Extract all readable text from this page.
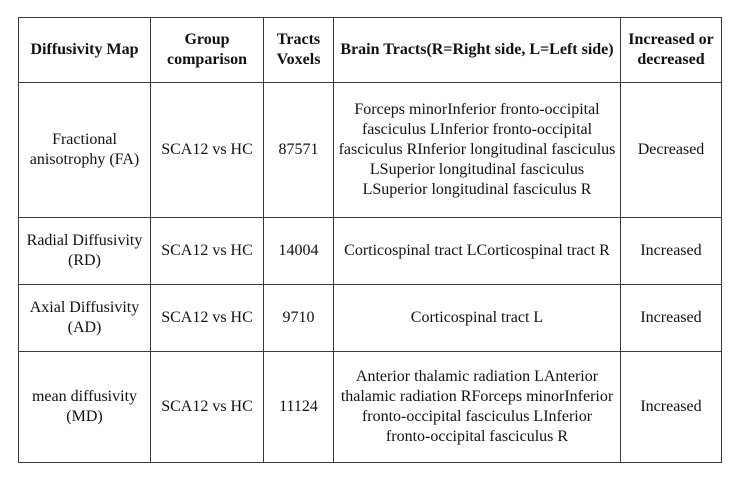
Diffusivity Map	Group comparison	Tracts Voxels	Brain Tracts(R=Right side, L=Left side)	Increased or decreased
Fractional anisotrophy (FA)	SCA12 vs HC	87571	Forceps minorInferior fronto-occipital fasciculus LInferior fronto-occipital fasciculus RInferior longitudinal fasciculus LSuperior longitudinal fasciculus LSuperior longitudinal fasciculus R	Decreased
Radial Diffusivity (RD)	SCA12 vs HC	14004	Corticospinal tract LCorticospinal tract R	Increased
Axial Diffusivity (AD)	SCA12 vs HC	9710	Corticospinal tract L	Increased
mean diffusivity (MD)	SCA12 vs HC	11124	Anterior thalamic radiation LAnterior thalamic radiation RForceps minorInferior fronto-occipital fasciculus LInferior fronto-occipital fasciculus R	Increased
